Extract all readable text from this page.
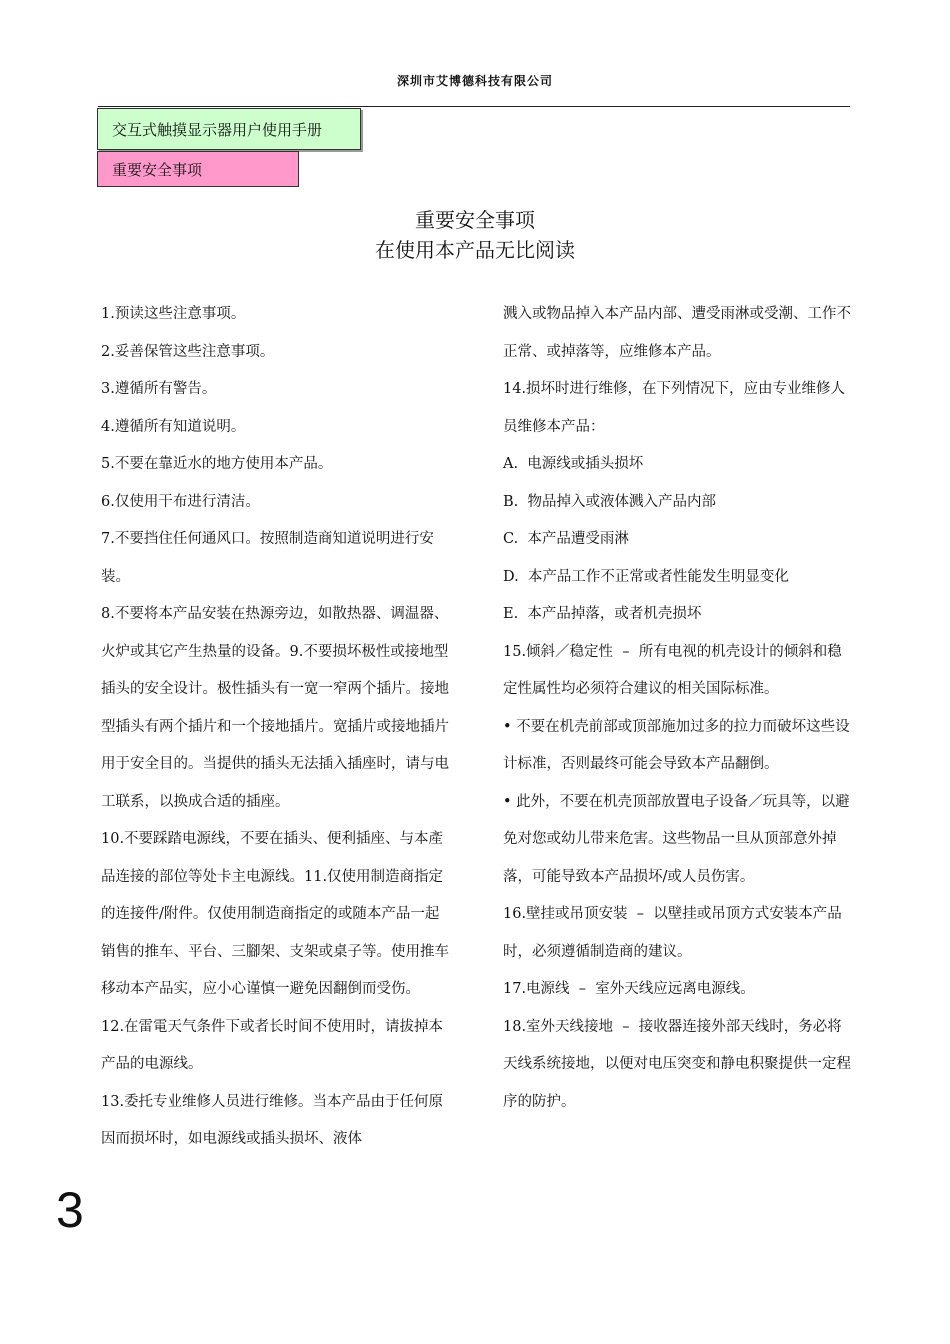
深圳市艾博德科技有限公司
交互式触摸显示器用户使用手册
重要安全事项
重要安全事项
在使用本产品无比阅读

1.预读这些注意事项。

2.妥善保管这些注意事项。

3.遵循所有警告。

4.遵循所有知道说明。

5.不要在靠近水的地方使用本产品。

6.仅使用干布进行清洁。

7.不要挡住任何通风口。按照制造商知道说明进行安装。

8.不要将本产品安装在热源旁边，如散热器、调温器、火炉或其它产生热量的设备。9.不要损坏极性或接地型插头的安全设计。极性插头有一宽一窄两个插片。接地型插头有两个插片和一个接地插片。宽插片或接地插片用于安全目的。当提供的插头无法插入插座时，请与电工联系，以换成合适的插座。

10.不要踩踏电源线，不要在插头、便利插座、与本產品连接的部位等处卡主电源线。11.仅使用制造商指定的连接件/附件。仅使用制造商指定的或随本产品一起销售的推车、平台、三腳架、支架或桌子等。使用推车移动本产品实，应小心谨慎一避免因翻倒而受伤。

12.在雷電天气条件下或者长时间不使用时，请拔掉本产品的电源线。

13.委托专业维修人员进行维修。当本产品由于任何原因而损坏时，如电源线或插头损坏、液体

溅入或物品掉入本产品内部、遭受雨淋或受潮、工作不正常、或掉落等，应维修本产品。

14.损坏时进行维修，在下列情况下，应由专业维修人员维修本产品：

A.  电源线或插头损坏

B.  物品掉入或液体溅入产品内部

C.  本产品遭受雨淋

D.  本产品工作不正常或者性能发生明显变化

E.  本产品掉落，或者机壳损坏

15.倾斜／稳定性  –  所有电视的机壳设计的倾斜和稳定性属性均必须符合建议的相关国际标准。

• 不要在机壳前部或顶部施加过多的拉力而破坏这些设计标准，否则最终可能会导致本产品翻倒。

• 此外，不要在机壳顶部放置电子设备／玩具等，以避免对您或幼儿带来危害。这些物品一旦从顶部意外掉落，可能导致本产品损坏/或人员伤害。

16.壁挂或吊顶安装  –  以壁挂或吊顶方式安装本产品时，必须遵循制造商的建议。

17.电源线  –  室外天线应远离电源线。

18.室外天线接地  –  接收器连接外部天线时，务必将天线系统接地，以便对电压突变和静电积聚提供一定程序的防护。

3
